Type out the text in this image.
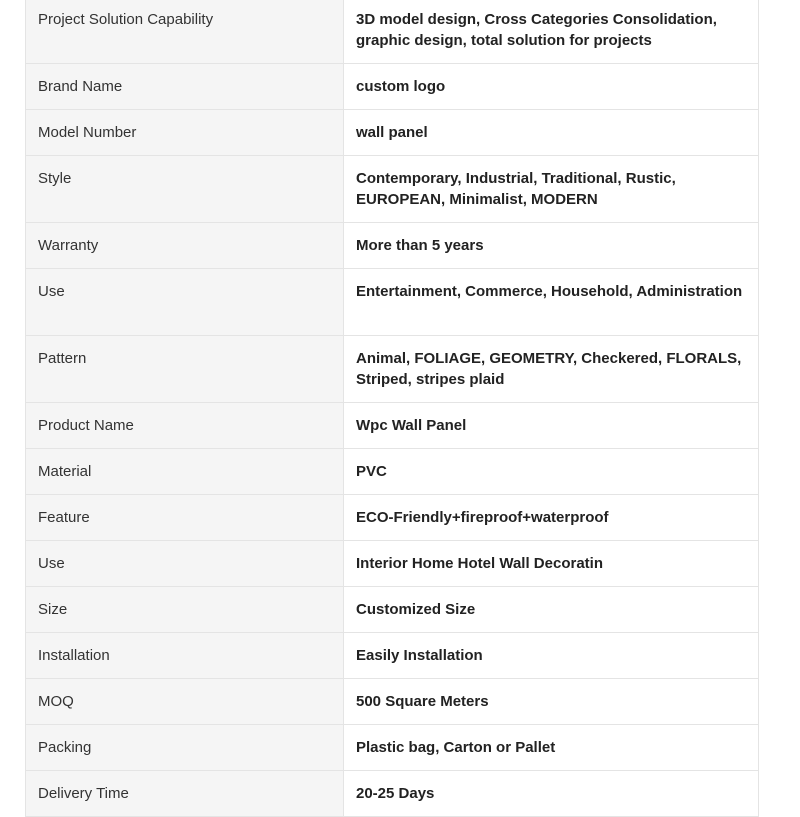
Project Solution Capability	3D model design, Cross Categories Consolidation, graphic design, total solution for projects
Brand Name	custom logo
Model Number	wall panel
Style	Contemporary, Industrial, Traditional, Rustic, EUROPEAN, Minimalist, MODERN
Warranty	More than 5 years
Use	Entertainment, Commerce, Household, Administration
Pattern	Animal, FOLIAGE, GEOMETRY, Checkered, FLORALS, Striped, stripes plaid
Product Name	Wpc Wall Panel
Material	PVC
Feature	ECO-Friendly+fireproof+waterproof
Use	Interior Home Hotel Wall Decoratin
Size	Customized Size
Installation	Easily Installation
MOQ	500 Square Meters
Packing	Plastic bag, Carton or Pallet
Delivery Time	20-25 Days
